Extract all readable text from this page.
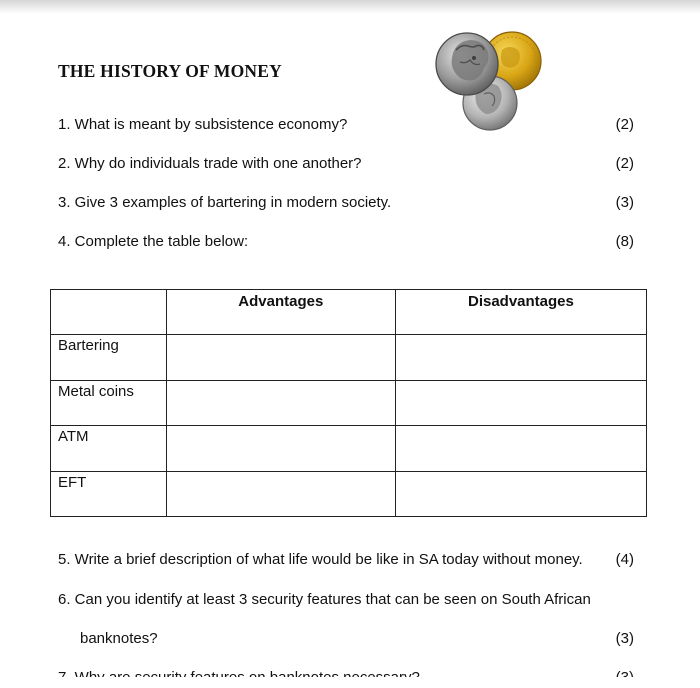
THE HISTORY OF MONEY
1. What is meant by subsistence economy?	(2)
2. Why do individuals trade with one another?	(2)
3. Give 3 examples of bartering in modern society.	(3)
4. Complete the table below:	(8)
	Advantages	Disadvantages
Bartering		
Metal coins		
ATM		
EFT		
5. Write a brief description of what life would be like in SA today without money. (4)
6. Can you identify at least 3 security features that can be seen on South African
banknotes?	(3)
